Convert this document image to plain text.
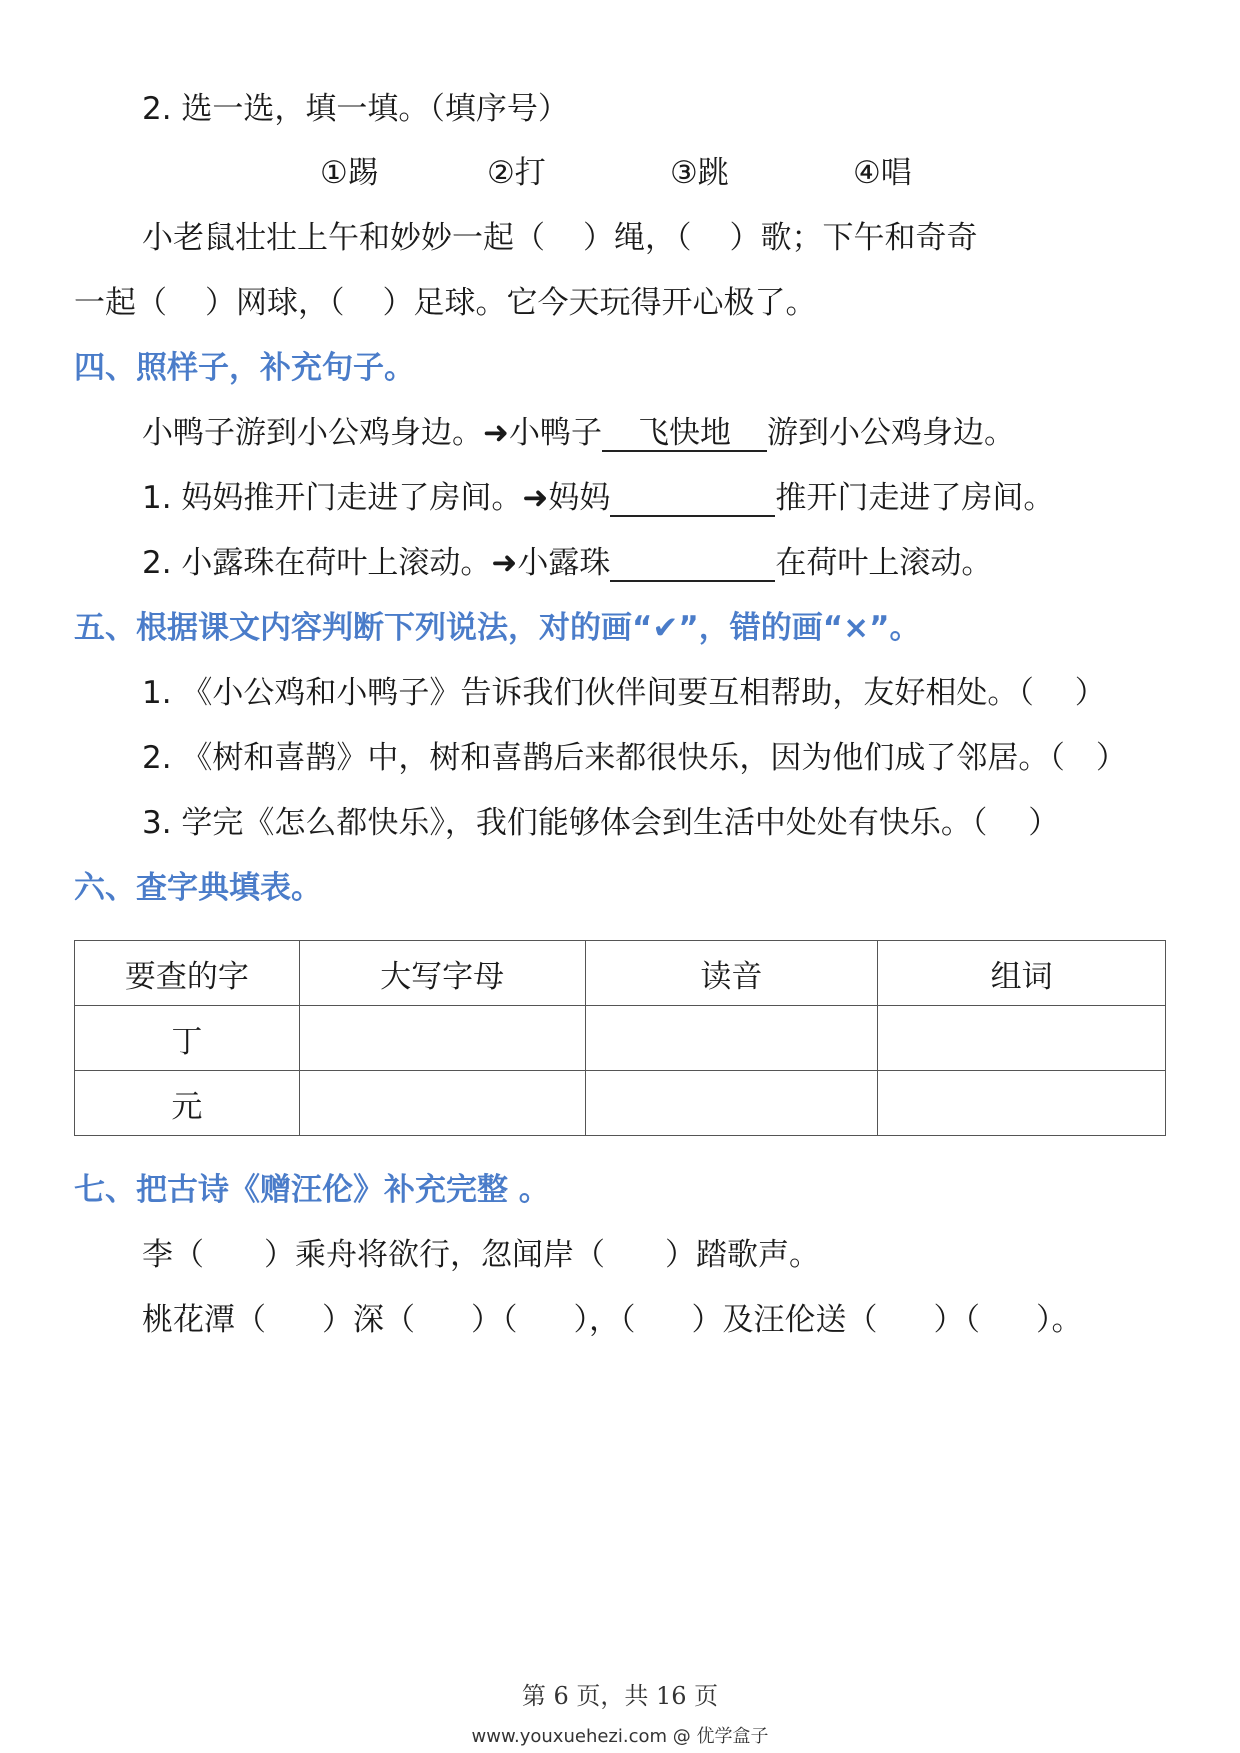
2. 选一选，填一填。（填序号）
①踢	②打	③跳	④唱
小老鼠壮壮上午和妙妙一起（ ）绳，（ ）歌；下午和奇奇
一起（ ）网球，（ ）足球。它今天玩得开心极了。
四、照样子，补充句子。
小鸭子游到小公鸡身边。➜小鸭子 飞快地 游到小公鸡身边。
1. 妈妈推开门走进了房间。➜妈妈	推开门走进了房间。
2. 小露珠在荷叶上滚动。➜小露珠	在荷叶上滚动。
五、根据课文内容判断下列说法，对的画“✔”，错的画“×”。
1. 《小公鸡和小鸭子》告诉我们伙伴间要互相帮助，友好相处。（　 ）
2. 《树和喜鹊》中，树和喜鹊后来都很快乐，因为他们成了邻居。（　）
3. 学完《怎么都快乐》，我们能够体会到生活中处处有快乐。（　 ）
六、查字典填表。
要查的字	大写字母	读音	组词
丁			
元			
七、把古诗《赠汪伦》补充完整 。
李（ ）乘舟将欲行，忽闻岸（ ）踏歌声。
桃花潭（ ）深（ ）（ ），（ ）及汪伦送（ ）（ ）。
第 6 页，共 16 页
www.youxuehezi.com @ 优学盒子
